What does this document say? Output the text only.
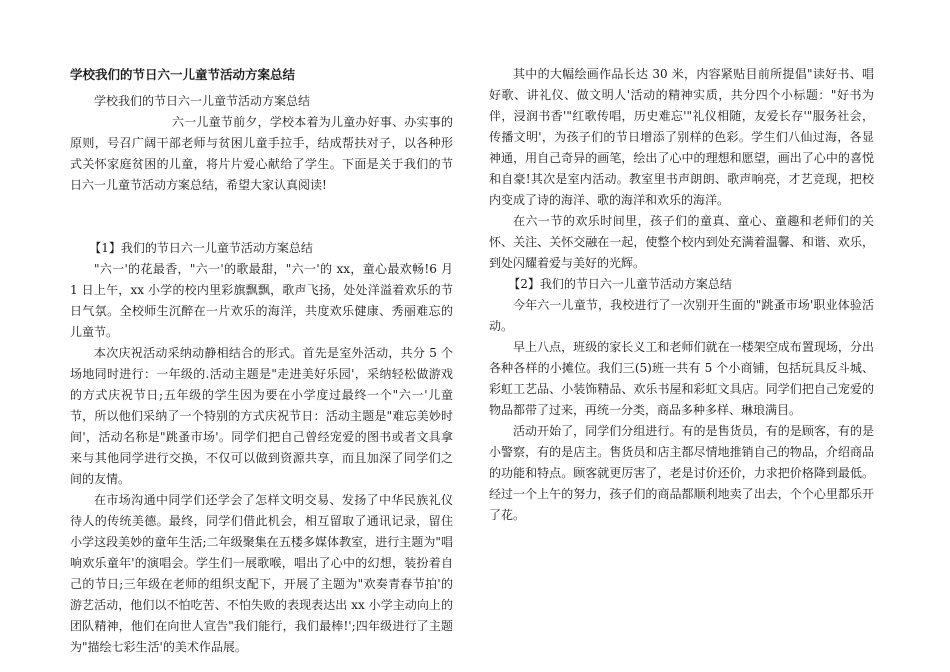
学校我们的节日六一儿童节活动方案总结

学校我们的节日六一儿童节活动方案总结

六一儿童节前夕，学校本着为儿童办好事、办实事的原则，号召广阔干部老师与贫困儿童手拉手，结成帮扶对子，以各种形式关怀家庭贫困的儿童，将片片爱心献给了学生。下面是关于我们的节日六一儿童节活动方案总结，希望大家认真阅读!

【1】我们的节日六一儿童节活动方案总结

"六一'的花最香，"六一'的歌最甜，"六一'的 xx，童心最欢畅!6 月 1 日上午，xx 小学的校内里彩旗飘飘，歌声飞扬，处处洋溢着欢乐的节日气氛。全校师生沉醉在一片欢乐的海洋，共度欢乐健康、秀丽难忘的儿童节。

本次庆祝活动采纳动静相结合的形式。首先是室外活动，共分 5 个场地同时进行：一年级的.活动主题是"走进美好乐园'，采纳轻松做游戏的方式庆祝节日;五年级的学生因为要在小学度过最终一个"六一'儿童节，所以他们采纳了一个特别的方式庆祝节日：活动主题是"难忘美妙时间'，活动名称是"跳蚤市场'。同学们把自己曾经宠爱的图书或者文具拿来与其他同学进行交换，不仅可以做到资源共享，而且加深了同学们之间的友情。

在市场沟通中同学们还学会了怎样文明交易、发扬了中华民族礼仪待人的传统美德。最终，同学们借此机会，相互留取了通讯记录，留住小学这段美妙的童年生活;二年级聚集在五楼多媒体教室，进行主题为"唱响欢乐童年'的演唱会。学生们一展歌喉，唱出了心中的幻想，装扮着自己的节日;三年级在老师的组织支配下，开展了主题为"欢奏青春节拍'的游艺活动，他们以不怕吃苦、不怕失败的表现表达出 xx 小学主动向上的团队精神，他们在向世人宣告"我们能行，我们最棒!';四年级进行了主题为"描绘七彩生活'的美术作品展。

其中的大幅绘画作品长达 30 米，内容紧贴目前所提倡"读好书、唱好歌、讲礼仪、做文明人'活动的精神实质，共分四个小标题："好书为伴，浸润书香'"红歌传唱，历史难忘'"礼仪相随，友爱长存'"服务社会，传播文明'，为孩子们的节日增添了别样的色彩。学生们八仙过海，各显神通，用自己奇异的画笔，绘出了心中的理想和愿望，画出了心中的喜悦和自豪!其次是室内活动。教室里书声朗朗、歌声响亮，才艺竞现，把校内变成了诗的海洋、歌的海洋和欢乐的海洋。

在六一节的欢乐时间里，孩子们的童真、童心、童趣和老师们的关怀、关注、关怀交融在一起，使整个校内到处充满着温馨、和谐、欢乐，到处闪耀着爱与美好的光辉。

【2】我们的节日六一儿童节活动方案总结

今年六一儿童节，我校进行了一次别开生面的"跳蚤市场'职业体验活动。

早上八点，班级的家长义工和老师们就在一楼架空成布置现场，分出各种各样的小摊位。我们三(5)班一共有 5 个小商铺，包括玩具反斗城、彩虹工艺品、小装饰精品、欢乐书屋和彩虹文具店。同学们把自己宠爱的物品都带了过来，再统一分类，商品多种多样、琳琅满目。

活动开始了，同学们分组进行。有的是售货员，有的是顾客，有的是小警察，有的是店主。售货员和店主都尽情地推销自己的物品，介绍商品的功能和特点。顾客就更厉害了，老是讨价还价，力求把价格降到最低。经过一个上午的努力，孩子们的商品都顺利地卖了出去，个个心里都乐开了花。
